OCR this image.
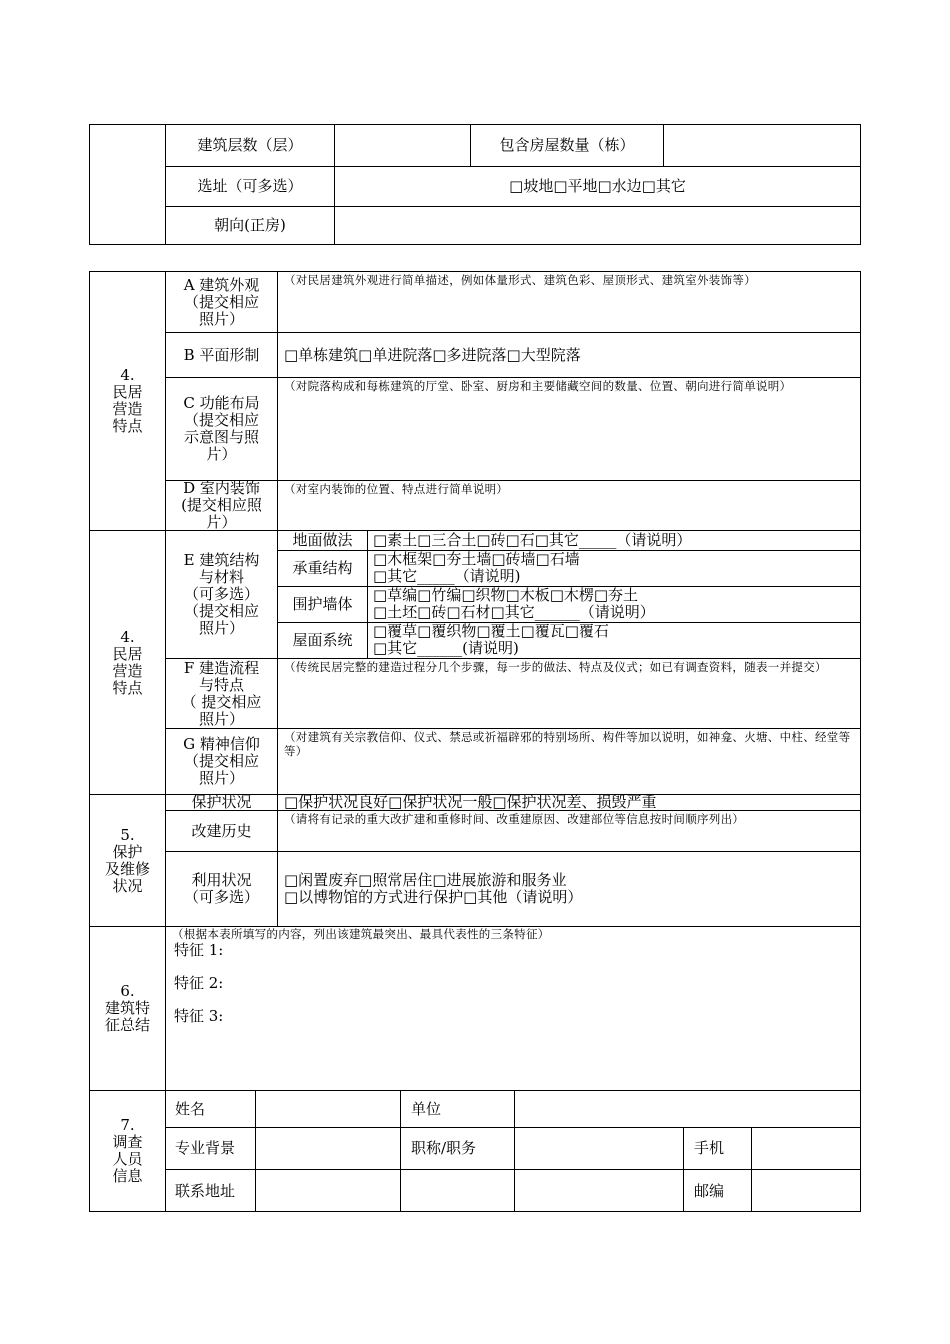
建筑层数（层）	包含房屋数量（栋）
选址（可多选）	□坡地□平地□水边□其它
朝向(正房)
4.
民居
营造
特点
A 建筑外观
（提交相应
照片）
（对民居建筑外观进行简单描述，例如体量形式、建筑色彩、屋顶形式、建筑室外装饰等）
B 平面形制 □单栋建筑□单进院落□多进院落□大型院落
C 功能布局
（提交相应
示意图与照
片）
（对院落构成和每栋建筑的厅堂、卧室、厨房和主要储藏空间的数量、位置、朝向进行简单说明）
D 室内装饰
(提交相应照
片）
（对室内装饰的位置、特点进行简单说明）
4.
民居
营造
特点
E 建筑结构
与材料
（可多选）
（提交相应
照片）
地面做法 □素土□三合土□砖□石□其它_____（请说明）
承重结构 □木框架□夯土墙□砖墙□石墙
□其它_____（请说明)
围护墙体 □草编□竹编□织物□木板□木楞□夯土
□土坯□砖□石材□其它______（请说明）
屋面系统 □覆草□覆织物□覆土□覆瓦□覆石
□其它______(请说明)
F 建造流程
与特点
（ 提交相应
照片）
（传统民居完整的建造过程分几个步骤，每一步的做法、特点及仪式；如已有调查资料，随表一并提交）
G 精神信仰
（提交相应
照片）
（对建筑有关宗教信仰、仪式、禁忌或祈福辟邪的特别场所、构件等加以说明，如神龛、火塘、中柱、经堂等等）
5.
保护
及维修
状况
保护状况 □保护状况良好□保护状况一般□保护状况差、损毁严重
改建历史
（请将有记录的重大改扩建和重修时间、改重建原因、改建部位等信息按时间顺序列出）
利用状况
（可多选）
□闲置废弃□照常居住□进展旅游和服务业
□以博物馆的方式进行保护□其他（请说明）
6.
建筑特
征总结
（根据本表所填写的内容，列出该建筑最突出、最具代表性的三条特征）
特征 1:
特征 2:
特征 3:
7.
调查
人员
信息
姓名	单位
专业背景	职称/职务	手机
联系地址	邮编
